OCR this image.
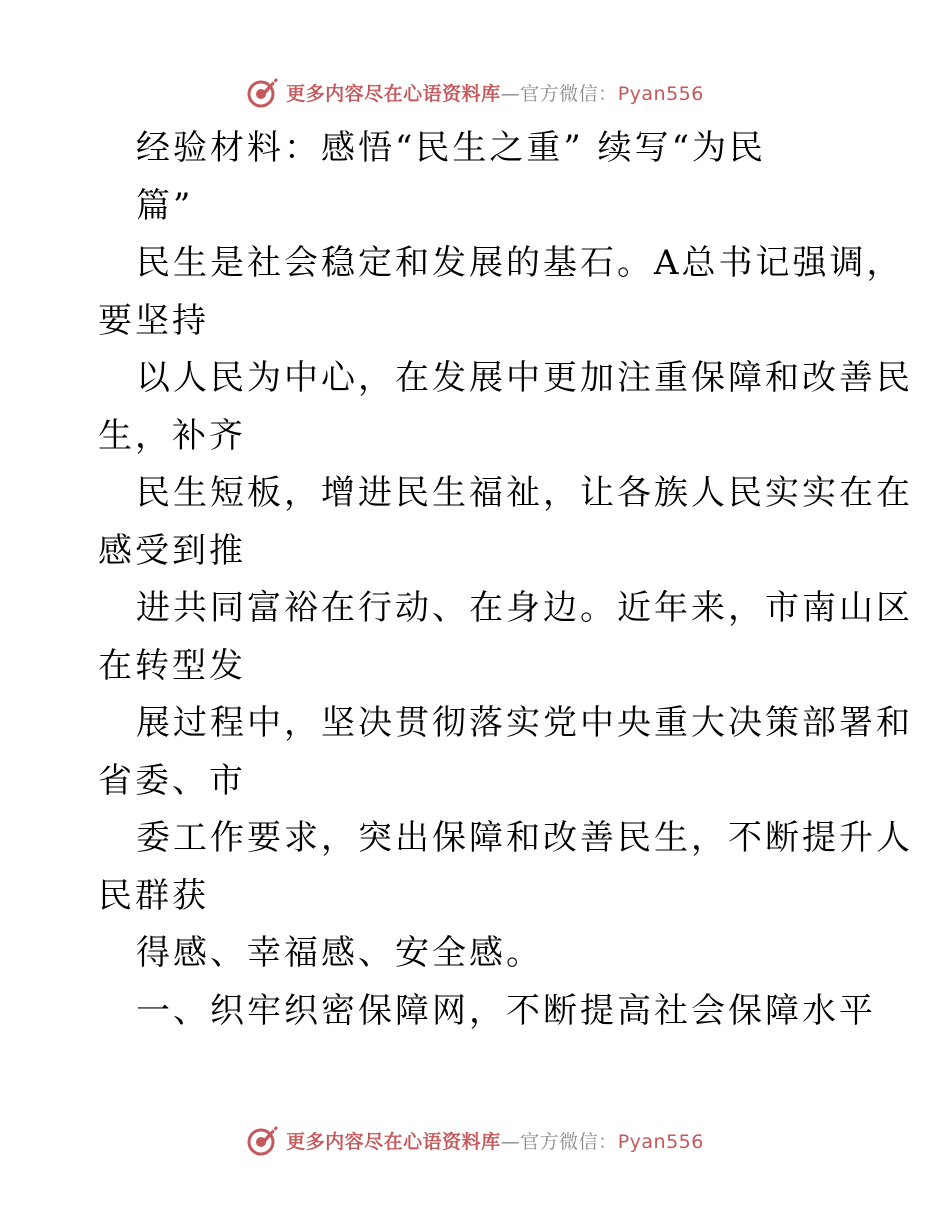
更多内容尽在心语资料库—官方微信：Pyan556
经验材料：感悟“民生之重” 续写“为民
篇”
民生是社会稳定和发展的基石。A总书记强调，
要坚持
以人民为中心，在发展中更加注重保障和改善民
生，补齐
民生短板，增进民生福祉，让各族人民实实在在
感受到推
进共同富裕在行动、在身边。近年来，市南山区
在转型发
展过程中，坚决贯彻落实党中央重大决策部署和
省委、市
委工作要求，突出保障和改善民生，不断提升人
民群获
得感、幸福感、安全感。
一、织牢织密保障网，不断提高社会保障水平
更多内容尽在心语资料库—官方微信：Pyan556
